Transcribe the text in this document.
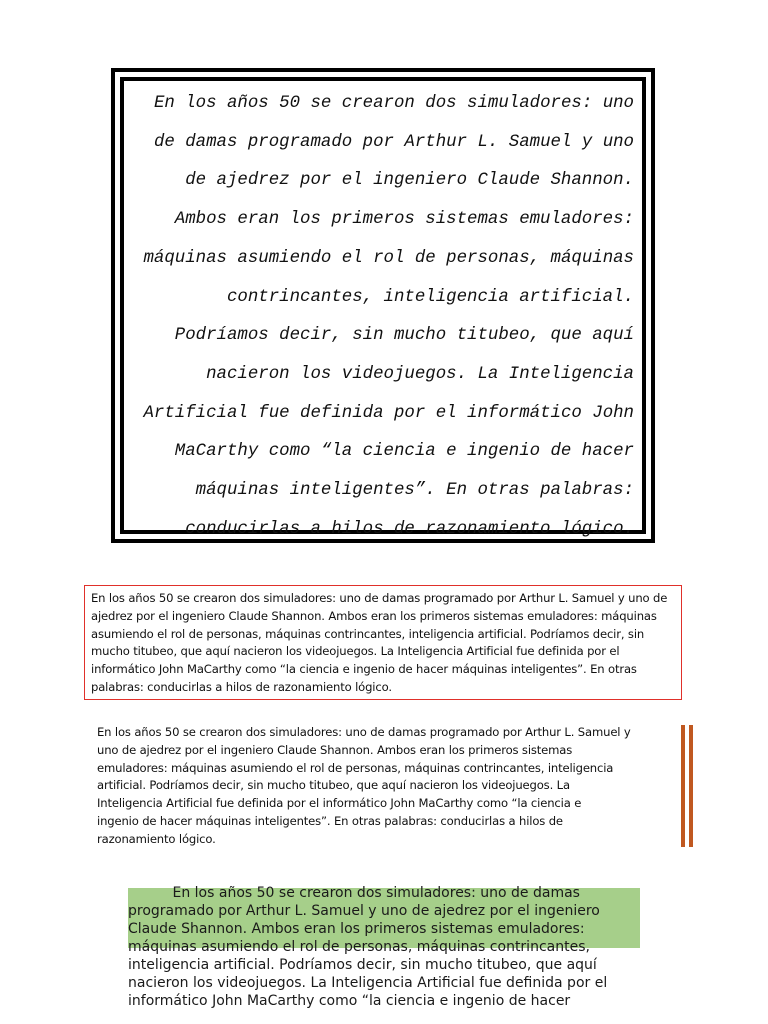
En los años 50 se crearon dos simuladores: uno
de damas programado por Arthur L. Samuel y uno
de ajedrez por el ingeniero Claude Shannon.
Ambos eran los primeros sistemas emuladores:
máquinas asumiendo el rol de personas, máquinas
contrincantes, inteligencia artificial.
Podríamos decir, sin mucho titubeo, que aquí
nacieron los videojuegos. La Inteligencia
Artificial fue definida por el informático John
MaCarthy como “la ciencia e ingenio de hacer
máquinas inteligentes”. En otras palabras:
conducirlas a hilos de razonamiento lógico.

En los años 50 se crearon dos simuladores: uno de damas programado por Arthur L. Samuel y uno de
ajedrez por el ingeniero Claude Shannon. Ambos eran los primeros sistemas emuladores: máquinas
asumiendo el rol de personas, máquinas contrincantes, inteligencia artificial. Podríamos decir, sin
mucho titubeo, que aquí nacieron los videojuegos. La Inteligencia Artificial fue definida por el
informático John MaCarthy como “la ciencia e ingenio de hacer máquinas inteligentes”. En otras
palabras: conducirlas a hilos de razonamiento lógico.

En los años 50 se crearon dos simuladores: uno de damas programado por Arthur L. Samuel y
uno de ajedrez por el ingeniero Claude Shannon. Ambos eran los primeros sistemas
emuladores: máquinas asumiendo el rol de personas, máquinas contrincantes, inteligencia
artificial. Podríamos decir, sin mucho titubeo, que aquí nacieron los videojuegos. La
Inteligencia Artificial fue definida por el informático John MaCarthy como “la ciencia e
ingenio de hacer máquinas inteligentes”. En otras palabras: conducirlas a hilos de
razonamiento lógico.

En los años 50 se crearon dos simuladores: uno de damas

programado por Arthur L. Samuel y uno de ajedrez por el ingeniero

Claude Shannon. Ambos eran los primeros sistemas emuladores:

máquinas asumiendo el rol de personas, máquinas contrincantes,

inteligencia artificial. Podríamos decir, sin mucho titubeo, que aquí

nacieron los videojuegos. La Inteligencia Artificial fue definida por el

informático John MaCarthy como “la ciencia e ingenio de hacer
